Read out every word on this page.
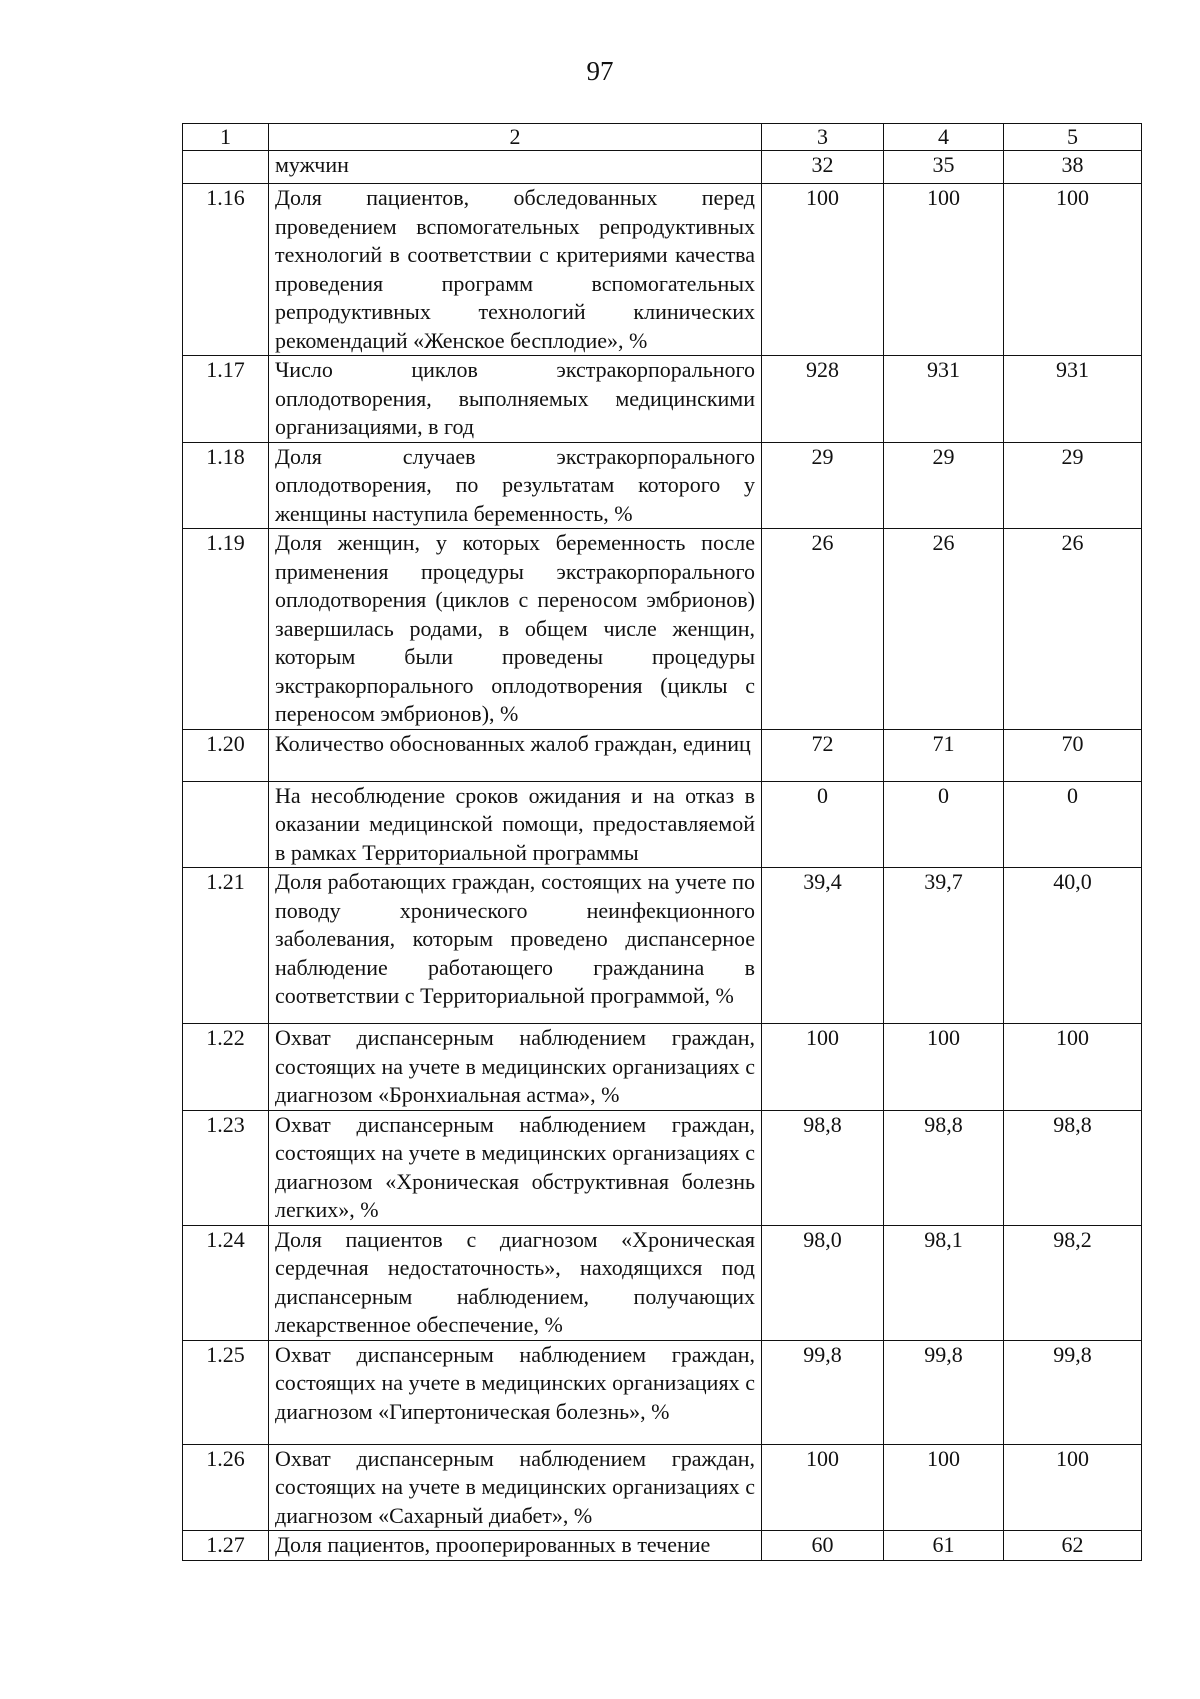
97
1	2	3	4	5
	мужчин	32	35	38
1.16	Доля пациентов, обследованных перед проведением вспомогательных репродуктивных технологий в соответствии с критериями качества проведения программ вспомогательных репродуктивных технологий клинических рекомендаций «Женское бесплодие», %	100	100	100
1.17	Число циклов экстракорпорального оплодотворения, выполняемых медицинскими организациями, в год	928	931	931
1.18	Доля случаев экстракорпорального оплодотворения, по результатам которого у женщины наступила беременность, %	29	29	29
1.19	Доля женщин, у которых беременность после применения процедуры экстракорпорального оплодотворения (циклов с переносом эмбрионов) завершилась родами, в общем числе женщин, которым были проведены процедуры экстракорпорального оплодотворения (циклы с переносом эмбрионов), %	26	26	26
1.20	Количество обоснованных жалоб граждан, единиц	72	71	70
	На несоблюдение сроков ожидания и на отказ в оказании медицинской помощи, предоставляемой в рамках Территориальной программы	0	0	0
1.21	Доля работающих граждан, состоящих на учете по поводу хронического неинфекционного заболевания, которым проведено диспансерное наблюдение работающего гражданина в соответствии с Территориальной программой, %	39,4	39,7	40,0
1.22	Охват диспансерным наблюдением граждан, состоящих на учете в медицинских организациях с диагнозом «Бронхиальная астма», %	100	100	100
1.23	Охват диспансерным наблюдением граждан, состоящих на учете в медицинских организациях с диагнозом «Хроническая обструктивная болезнь легких», %	98,8	98,8	98,8
1.24	Доля пациентов с диагнозом «Хроническая сердечная недостаточность», находящихся под диспансерным наблюдением, получающих лекарственное обеспечение, %	98,0	98,1	98,2
1.25	Охват диспансерным наблюдением граждан, состоящих на учете в медицинских организациях с диагнозом «Гипертоническая болезнь», %	99,8	99,8	99,8
1.26	Охват диспансерным наблюдением граждан, состоящих на учете в медицинских организациях с диагнозом «Сахарный диабет», %	100	100	100
1.27	Доля пациентов, прооперированных в течение	60	61	62
